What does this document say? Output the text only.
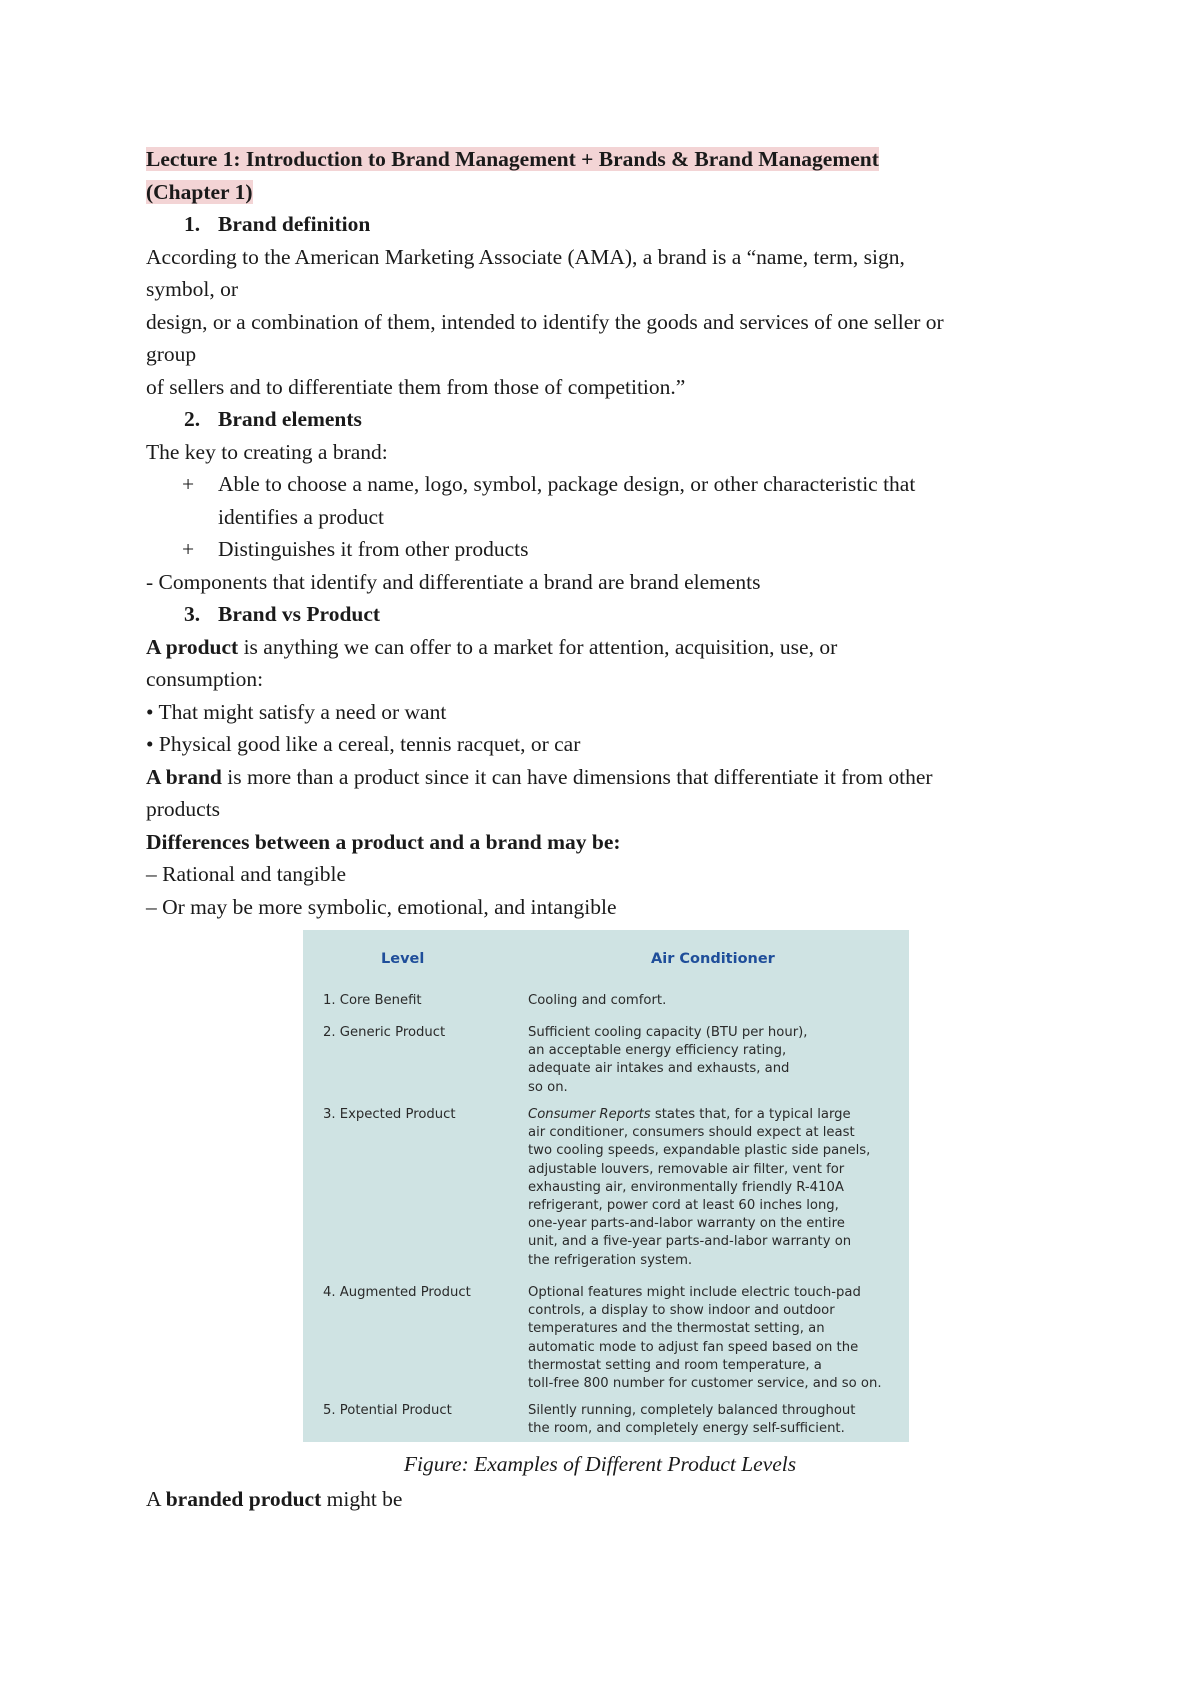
Lecture 1: Introduction to Brand Management + Brands & Brand Management
(Chapter 1)
1. Brand definition

According to the American Marketing Associate (AMA), a brand is a “name, term, sign,

symbol, or

design, or a combination of them, intended to identify the goods and services of one seller or

group

of sellers and to differentiate them from those of competition.”

2. Brand elements

The key to creating a brand:

+	Able to choose a name, logo, symbol, package design, or other characteristic that
identifies a product
+	Distinguishes it from other products

- Components that identify and differentiate a brand are brand elements

3. Brand vs Product

A product is anything we can offer to a market for attention, acquisition, use, or

consumption:

• That might satisfy a need or want

• Physical good like a cereal, tennis racquet, or car

A brand is more than a product since it can have dimensions that differentiate it from other

products

Differences between a product and a brand may be:

– Rational and tangible

– Or may be more symbolic, emotional, and intangible

Level	Air Conditioner
1. Core Benefit	Cooling and comfort.
2. Generic Product	Sufficient cooling capacity (BTU per hour),
an acceptable energy efficiency rating,
adequate air intakes and exhausts, and
so on.
3. Expected Product	Consumer Reports states that, for a typical large
air conditioner, consumers should expect at least
two cooling speeds, expandable plastic side panels,
adjustable louvers, removable air filter, vent for
exhausting air, environmentally friendly R-410A
refrigerant, power cord at least 60 inches long,
one-year parts-and-labor warranty on the entire
unit, and a five-year parts-and-labor warranty on
the refrigeration system.
4. Augmented Product	Optional features might include electric touch-pad
controls, a display to show indoor and outdoor
temperatures and the thermostat setting, an
automatic mode to adjust fan speed based on the
thermostat setting and room temperature, a
toll-free 800 number for customer service, and so on.
5. Potential Product	Silently running, completely balanced throughout
the room, and completely energy self-sufficient.
Figure: Examples of Different Product Levels
A branded product might be
